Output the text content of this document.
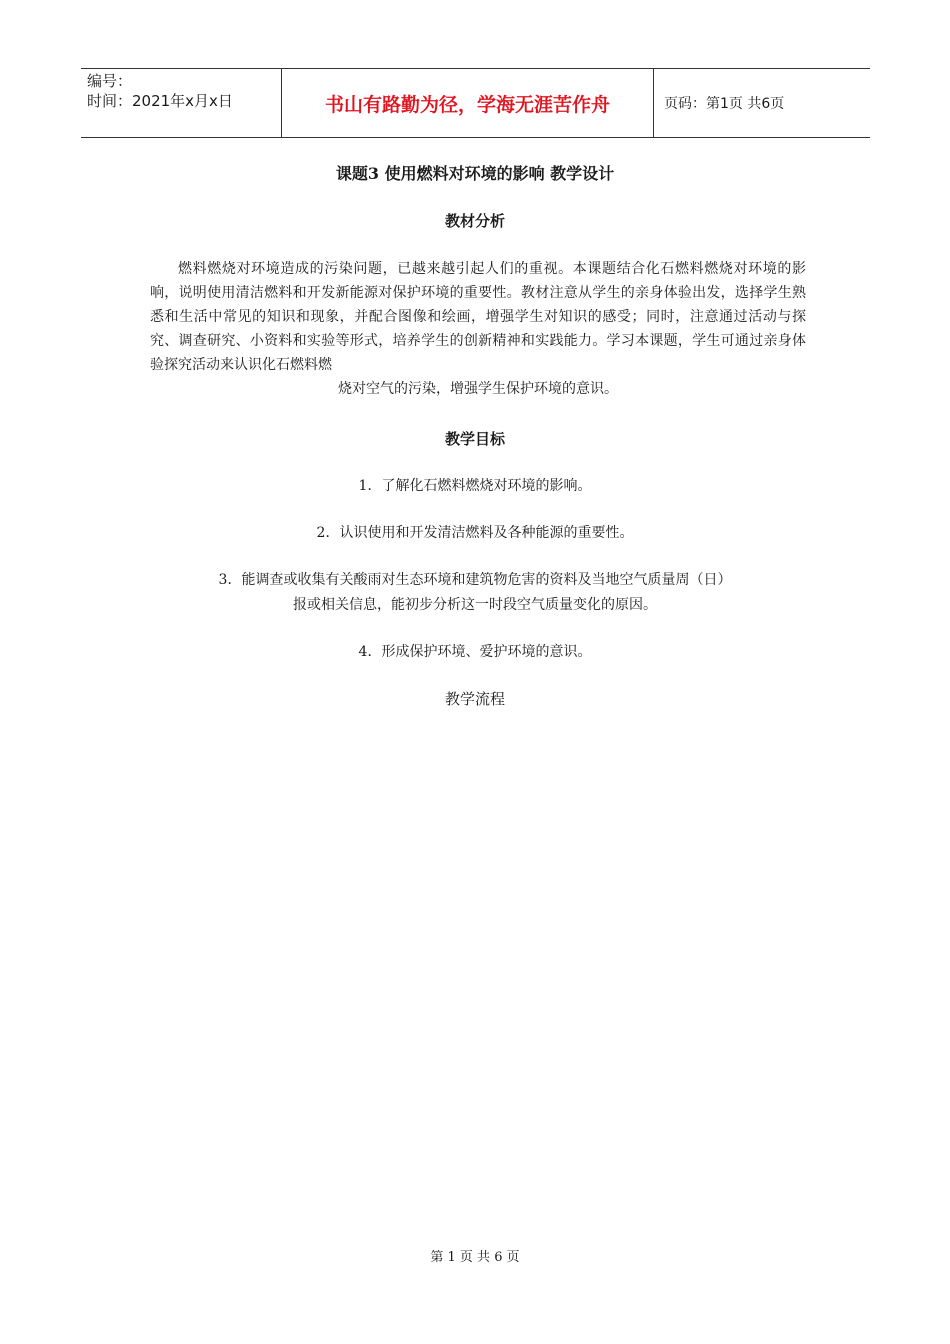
编号：
时间：2021年x月x日	书山有路勤为径，学海无涯苦作舟	页码：第1页 共6页
课题3 使用燃料对环境的影响 教学设计
教材分析
燃料燃烧对环境造成的污染问题，已越来越引起人们的重视。本课题结合化石燃料燃烧对环境的影响，说明使用清洁燃料和开发新能源对保护环境的重要性。教材注意从学生的亲身体验出发，选择学生熟悉和生活中常见的知识和现象，并配合图像和绘画，增强学生对知识的感受；同时，注意通过活动与探究、调查研究、小资料和实验等形式，培养学生的创新精神和实践能力。学习本课题，学生可通过亲身体验探究活动来认识化石燃料燃
烧对空气的污染，增强学生保护环境的意识。
教学目标
1．了解化石燃料燃烧对环境的影响。
2．认识使用和开发清洁燃料及各种能源的重要性。
3．能调查或收集有关酸雨对生态环境和建筑物危害的资料及当地空气质量周（日）
报或相关信息，能初步分析这一时段空气质量变化的原因。
4．形成保护环境、爱护环境的意识。
教学流程
第 1 页 共 6 页
